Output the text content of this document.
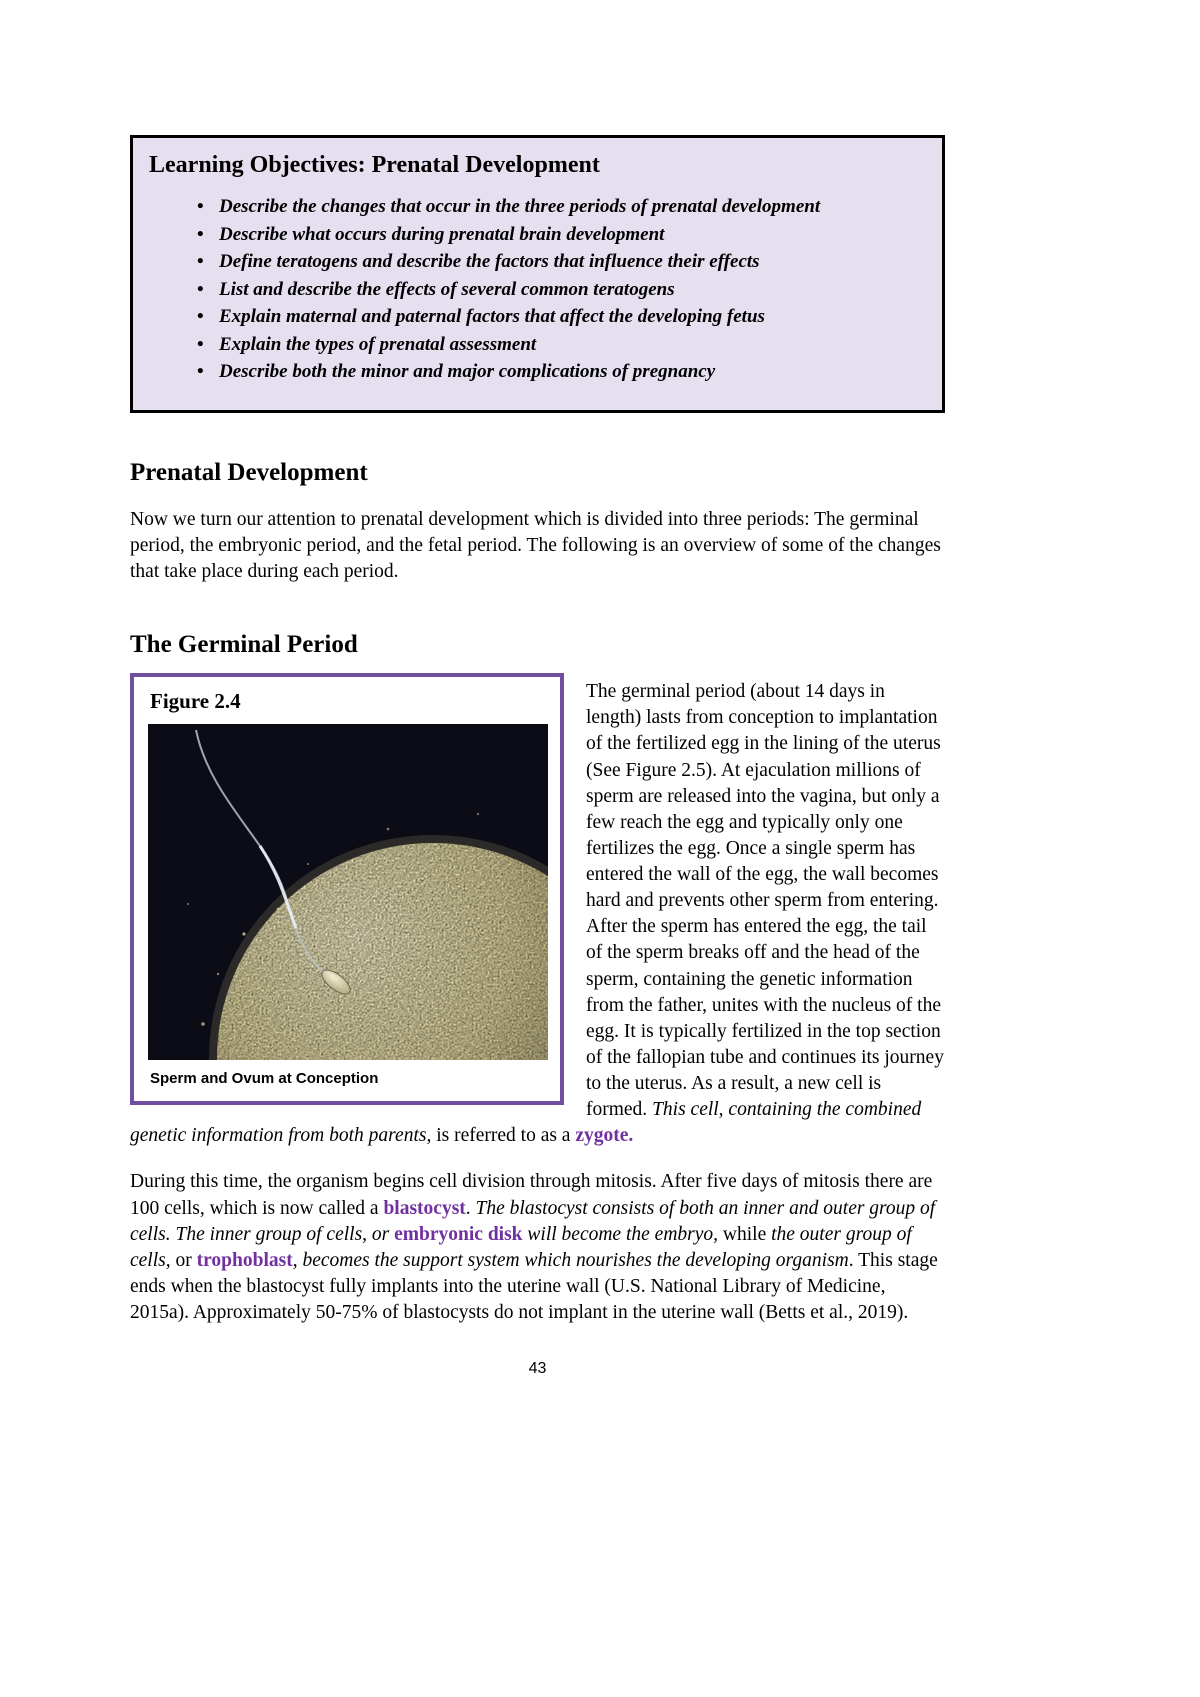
Learning Objectives: Prenatal Development
• Describe the changes that occur in the three periods of prenatal development
• Describe what occurs during prenatal brain development
• Define teratogens and describe the factors that influence their effects
• List and describe the effects of several common teratogens
• Explain maternal and paternal factors that affect the developing fetus
• Explain the types of prenatal assessment
• Describe both the minor and major complications of pregnancy
Prenatal Development

Now we turn our attention to prenatal development which is divided into three periods: The germinal period, the embryonic period, and the fetal period. The following is an overview of some of the changes that take place during each period.

The Germinal Period
Figure 2.4
Sperm and Ovum at Conception

The germinal period (about 14 days in length) lasts from conception to implantation of the fertilized egg in the lining of the uterus (See Figure 2.5). At ejaculation millions of sperm are released into the vagina, but only a few reach the egg and typically only one fertilizes the egg. Once a single sperm has entered the wall of the egg, the wall becomes hard and prevents other sperm from entering. After the sperm has entered the egg, the tail of the sperm breaks off and the head of the sperm, containing the genetic information from the father, unites with the nucleus of the egg. It is typically fertilized in the top section of the fallopian tube and continues its journey to the uterus. As a result, a new cell is formed. This cell, containing the combined genetic information from both parents, is referred to as a zygote.

During this time, the organism begins cell division through mitosis. After five days of mitosis there are 100 cells, which is now called a blastocyst. The blastocyst consists of both an inner and outer group of cells. The inner group of cells, or embryonic disk will become the embryo, while the outer group of cells, or trophoblast, becomes the support system which nourishes the developing organism. This stage ends when the blastocyst fully implants into the uterine wall (U.S. National Library of Medicine, 2015a). Approximately 50-75% of blastocysts do not implant in the uterine wall (Betts et al., 2019).

43
